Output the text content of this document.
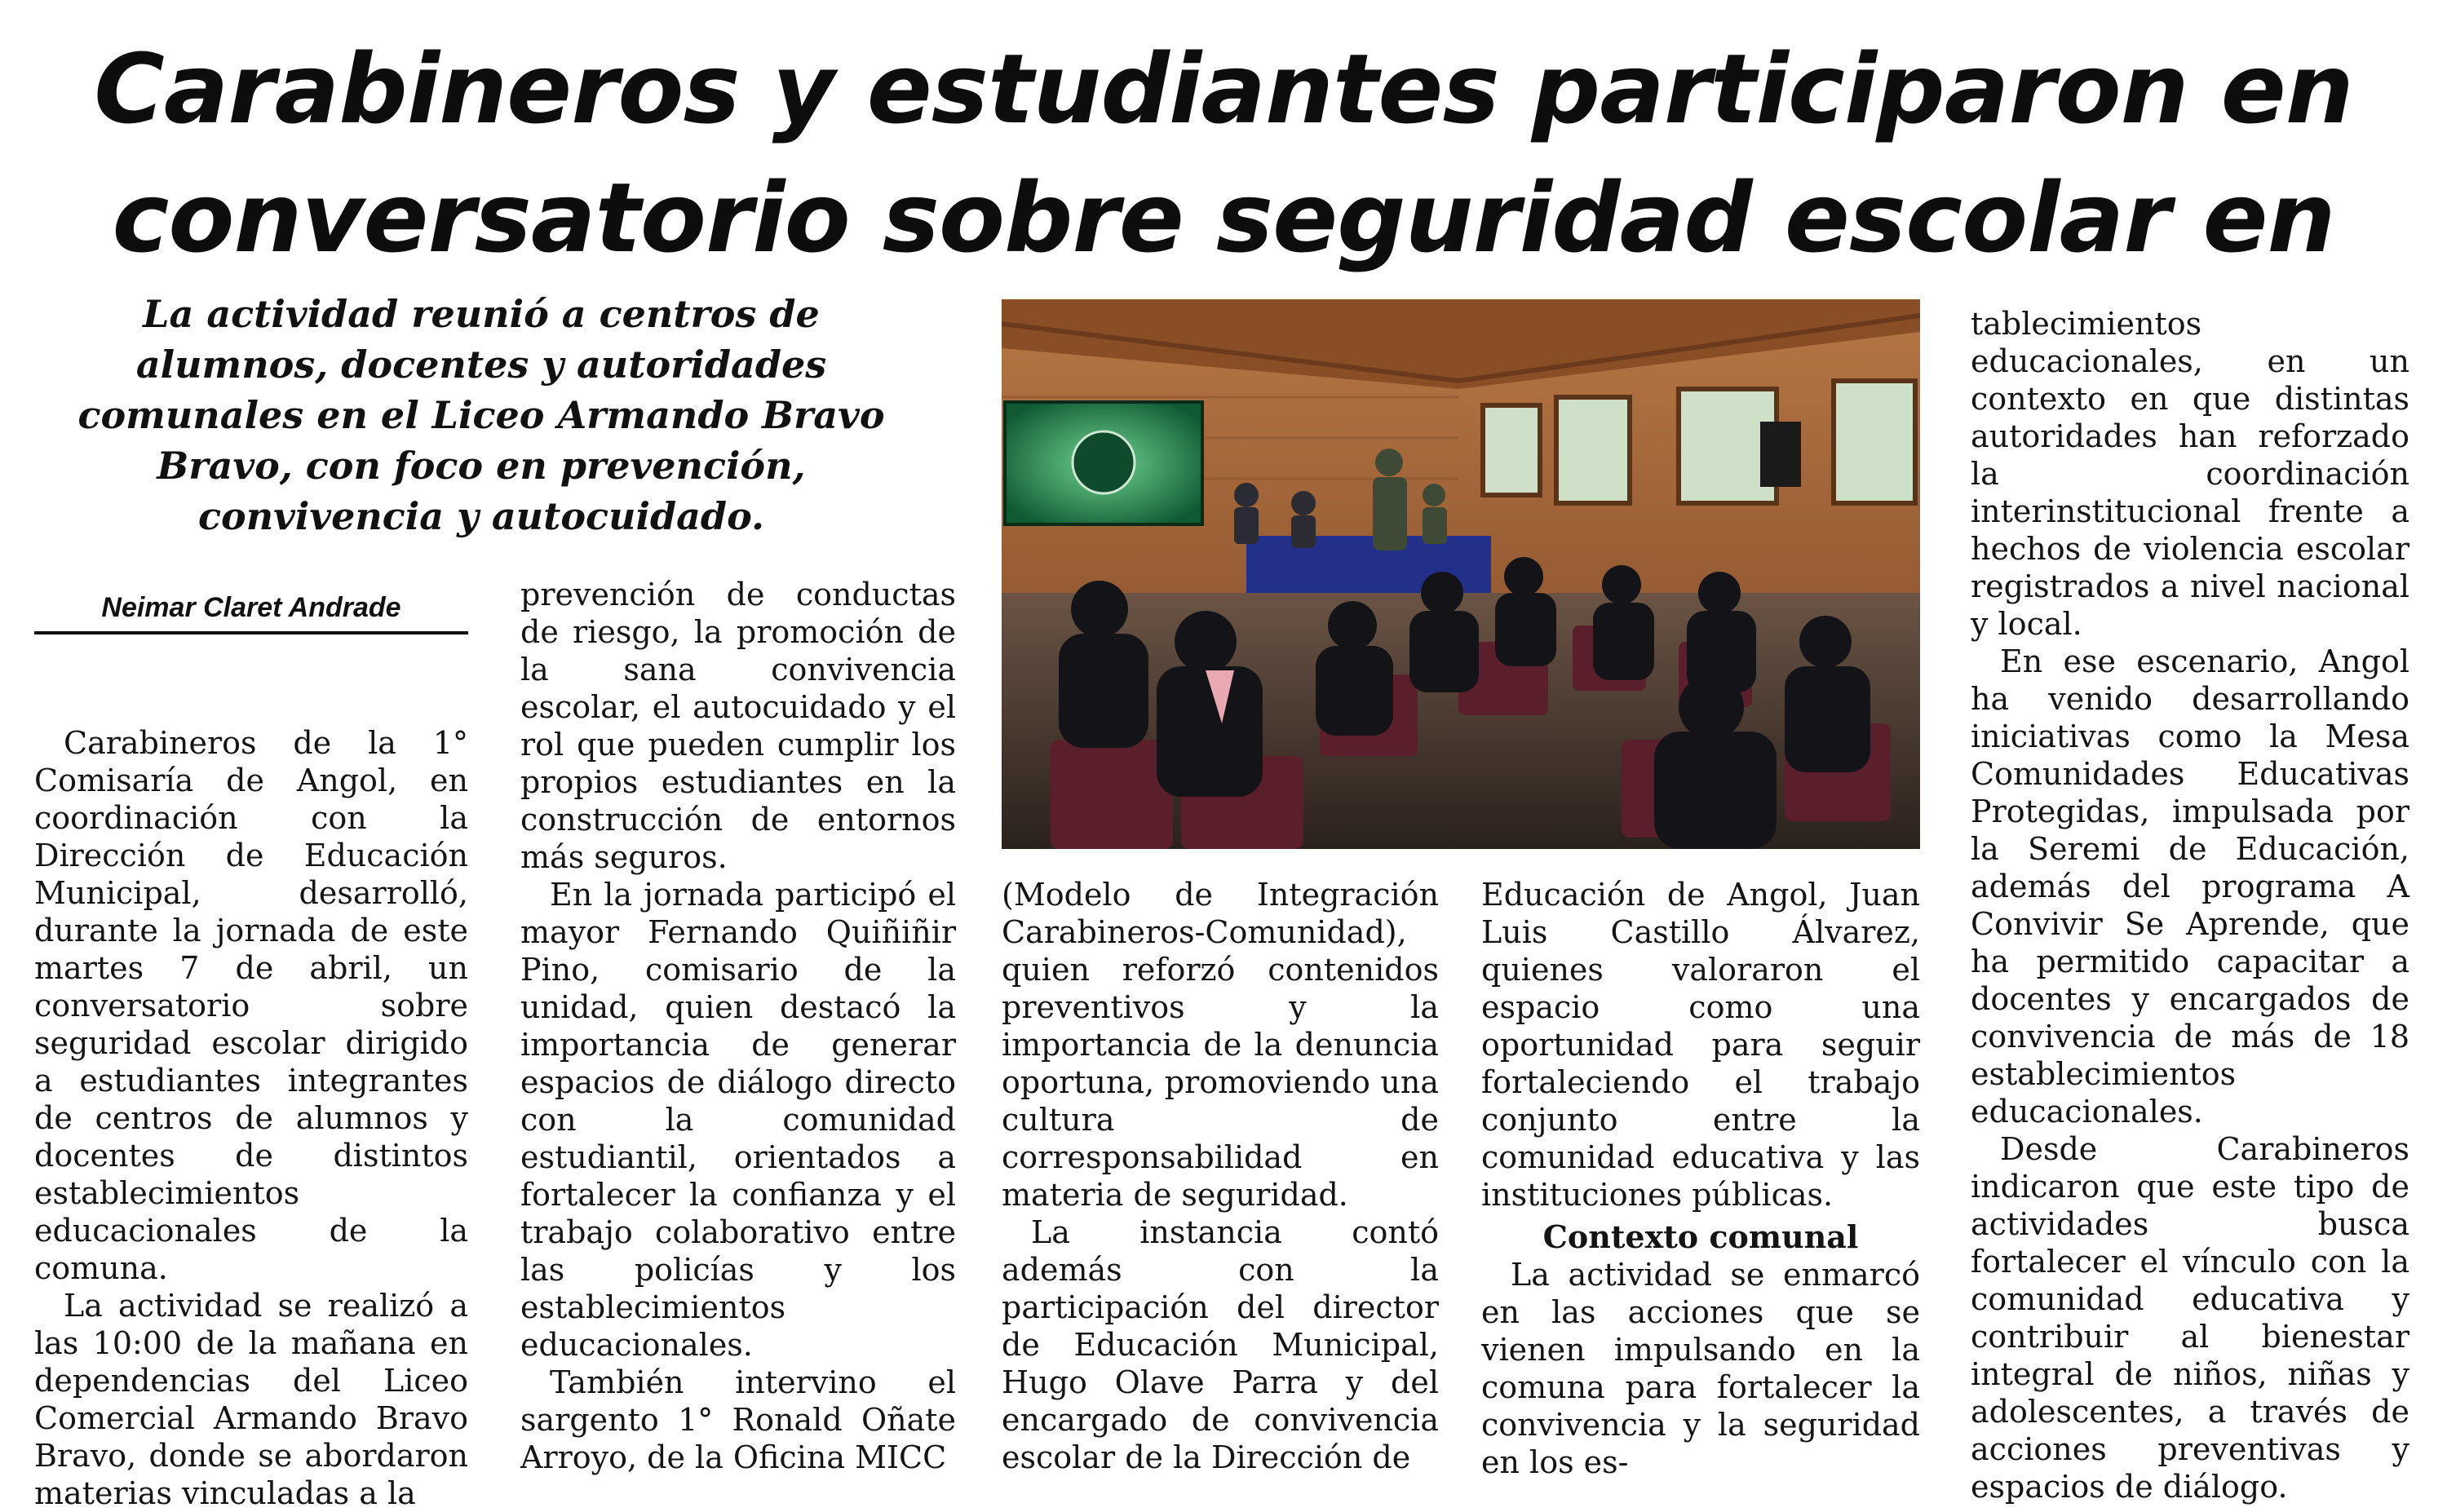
Carabineros y estudiantes participaron en conversatorio sobre seguridad escolar en

La actividad reunió a centros de alumnos, docentes y autoridades comunales en el Liceo Armando Bravo Bravo, con foco en prevención, convivencia y autocuidado.

Neimar Claret Andrade

Carabineros de la 1° Comisaría de Angol, en coordinación con la Dirección de Educación Municipal, desarrolló, durante la jornada de este martes 7 de abril, un conversatorio sobre seguridad escolar dirigido a estudiantes integrantes de centros de alumnos y docentes de distintos establecimientos educacionales de la comuna.

La actividad se realizó a las 10:00 de la mañana en dependencias del Liceo Comercial Armando Bravo Bravo, donde se abordaron materias vinculadas a la

prevención de conductas de riesgo, la promoción de la sana convivencia escolar, el autocuidado y el rol que pueden cumplir los propios estudiantes en la construcción de entornos más seguros.

En la jornada participó el mayor Fernando Quiñiñir Pino, comisario de la unidad, quien destacó la importancia de generar espacios de diálogo directo con la comunidad estudiantil, orientados a fortalecer la confianza y el trabajo colaborativo entre las policías y los establecimientos educacionales.

También intervino el sargento 1° Ronald Oñate Arroyo, de la Oficina MICC

(Modelo de Integración Carabineros-Comunidad), quien reforzó contenidos preventivos y la importancia de la denuncia oportuna, promoviendo una cultura de corresponsabilidad en materia de seguridad.

La instancia contó además con la participación del director de Educación Municipal, Hugo Olave Parra y del encargado de convivencia escolar de la Dirección de

Educación de Angol, Juan Luis Castillo Álvarez, quienes valoraron el espacio como una oportunidad para seguir fortaleciendo el trabajo conjunto entre la comunidad educativa y las instituciones públicas.

Contexto comunal

La actividad se enmarcó en las acciones que se vienen impulsando en la comuna para fortalecer la convivencia y la seguridad en los es-

tablecimientos educacionales, en un contexto en que distintas autoridades han reforzado la coordinación interinstitucional frente a hechos de violencia escolar registrados a nivel nacional y local.

En ese escenario, Angol ha venido desarrollando iniciativas como la Mesa Comunidades Educativas Protegidas, impulsada por la Seremi de Educación, además del programa A Convivir Se Aprende, que ha permitido capacitar a docentes y encargados de convivencia de más de 18 establecimientos educacionales.

Desde Carabineros indicaron que este tipo de actividades busca fortalecer el vínculo con la comunidad educativa y contribuir al bienestar integral de niños, niñas y adolescentes, a través de acciones preventivas y espacios de diálogo.
